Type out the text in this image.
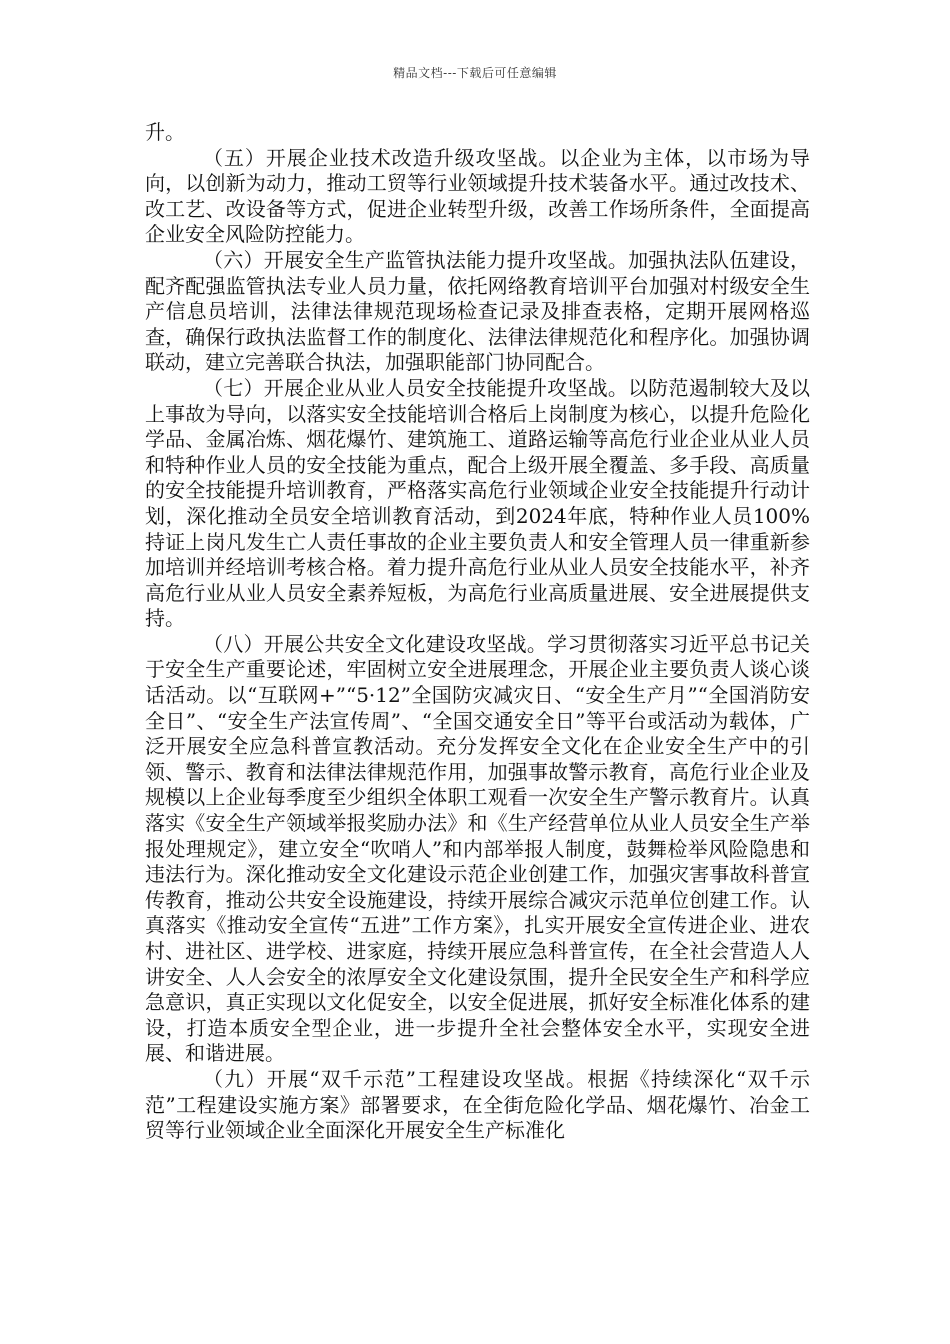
精品文档---下载后可任意编辑

升。

（五）开展企业技术改造升级攻坚战。以企业为主体，以市场为导向，以创新为动力，推动工贸等行业领域提升技术装备水平。通过改技术、改工艺、改设备等方式，促进企业转型升级，改善工作场所条件，全面提高企业安全风险防控能力。

（六）开展安全生产监管执法能力提升攻坚战。加强执法队伍建设，配齐配强监管执法专业人员力量，依托网络教育培训平台加强对村级安全生产信息员培训，法律法律规范现场检查记录及排查表格，定期开展网格巡查，确保行政执法监督工作的制度化、法律法律规范化和程序化。加强协调联动，建立完善联合执法，加强职能部门协同配合。

（七）开展企业从业人员安全技能提升攻坚战。以防范遏制较大及以上事故为导向，以落实安全技能培训合格后上岗制度为核心，以提升危险化学品、金属冶炼、烟花爆竹、建筑施工、道路运输等高危行业企业从业人员和特种作业人员的安全技能为重点，配合上级开展全覆盖、多手段、高质量的安全技能提升培训教育，严格落实高危行业领域企业安全技能提升行动计划，深化推动全员安全培训教育活动，到2024年底，特种作业人员100%持证上岗凡发生亡人责任事故的企业主要负责人和安全管理人员一律重新参加培训并经培训考核合格。着力提升高危行业从业人员安全技能水平，补齐高危行业从业人员安全素养短板，为高危行业高质量进展、安全进展提供支持。

（八）开展公共安全文化建设攻坚战。学习贯彻落实习近平总书记关于安全生产重要论述，牢固树立安全进展理念，开展企业主要负责人谈心谈话活动。以“互联网+”“5·12”全国防灾减灾日、“安全生产月”“全国消防安全日”、“安全生产法宣传周”、“全国交通安全日”等平台或活动为载体，广泛开展安全应急科普宣教活动。充分发挥安全文化在企业安全生产中的引领、警示、教育和法律法律规范作用，加强事故警示教育，高危行业企业及规模以上企业每季度至少组织全体职工观看一次安全生产警示教育片。认真落实《安全生产领域举报奖励办法》和《生产经营单位从业人员安全生产举报处理规定》，建立安全“吹哨人”和内部举报人制度，鼓舞检举风险隐患和违法行为。深化推动安全文化建设示范企业创建工作，加强灾害事故科普宣传教育，推动公共安全设施建设，持续开展综合减灾示范单位创建工作。认真落实《推动安全宣传“五进”工作方案》，扎实开展安全宣传进企业、进农村、进社区、进学校、进家庭，持续开展应急科普宣传，在全社会营造人人讲安全、人人会安全的浓厚安全文化建设氛围，提升全民安全生产和科学应急意识，真正实现以文化促安全，以安全促进展，抓好安全标准化体系的建设，打造本质安全型企业，进一步提升全社会整体安全水平，实现安全进展、和谐进展。

（九）开展“双千示范”工程建设攻坚战。根据《持续深化“双千示范”工程建设实施方案》部署要求，在全街危险化学品、烟花爆竹、冶金工贸等行业领域企业全面深化开展安全生产标准化
